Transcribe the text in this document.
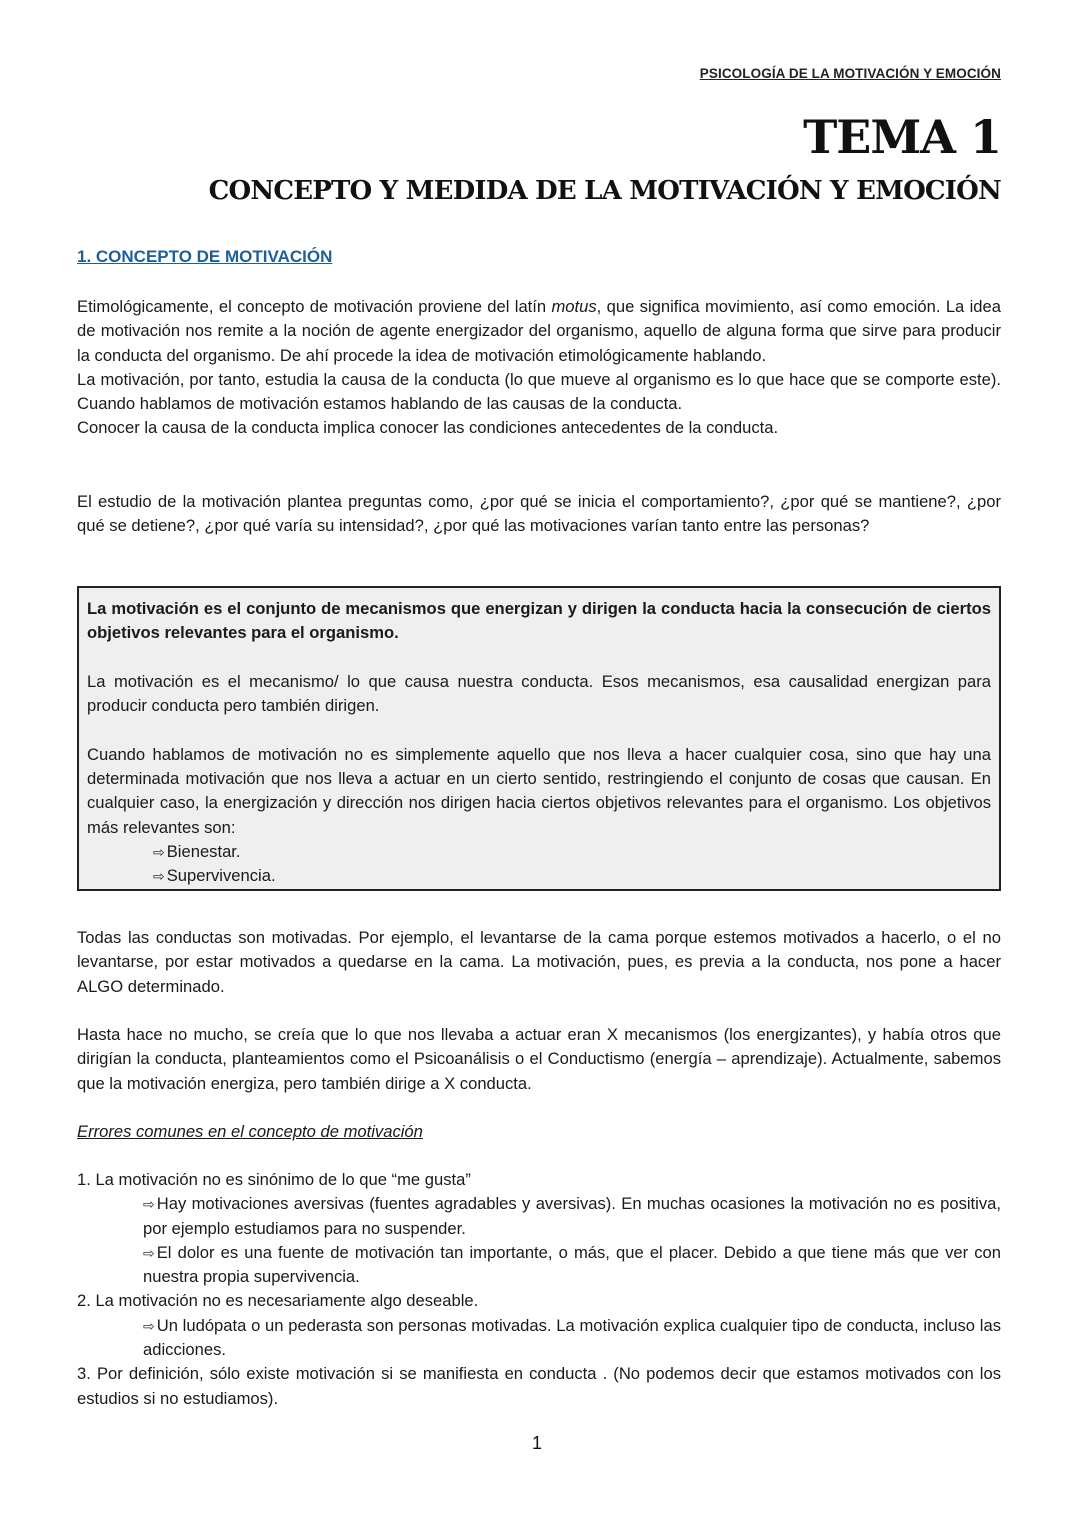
PSICOLOGÍA DE LA MOTIVACIÓN Y EMOCIÓN
TEMA 1
CONCEPTO Y MEDIDA DE LA MOTIVACIÓN Y EMOCIÓN
1. CONCEPTO DE MOTIVACIÓN

Etimológicamente, el concepto de motivación proviene del latín motus, que significa movimiento, así como emoción. La idea de motivación nos remite a la noción de agente energizador del organismo, aquello de alguna forma que sirve para producir la conducta del organismo. De ahí procede la idea de motivación etimológicamente hablando.

La motivación, por tanto, estudia la causa de la conducta (lo que mueve al organismo es lo que hace que se comporte este). Cuando hablamos de motivación estamos hablando de las causas de la conducta.

Conocer la causa de la conducta implica conocer las condiciones antecedentes de la conducta.

El estudio de la motivación plantea preguntas como, ¿por qué se inicia el comportamiento?, ¿por qué se mantiene?, ¿por qué se detiene?, ¿por qué varía su intensidad?, ¿por qué las motivaciones varían tanto entre las personas?

La motivación es el conjunto de mecanismos que energizan y dirigen la conducta hacia la consecución de ciertos objetivos relevantes para el organismo.

La motivación es el mecanismo/ lo que causa nuestra conducta. Esos mecanismos, esa causalidad energizan para producir conducta pero también dirigen.

Cuando hablamos de motivación no es simplemente aquello que nos lleva a hacer cualquier cosa, sino que hay una determinada motivación que nos lleva a actuar en un cierto sentido, restringiendo el conjunto de cosas que causan. En cualquier caso, la energización y dirección nos dirigen hacia ciertos objetivos relevantes para el organismo. Los objetivos más relevantes son:

⇨ Bienestar.
⇨ Supervivencia.
Todas las conductas son motivadas. Por ejemplo, el levantarse de la cama porque estemos motivados a hacerlo, o el no levantarse, por estar motivados a quedarse en la cama. La motivación, pues, es previa a la conducta, nos pone a hacer ALGO determinado.
Hasta hace no mucho, se creía que lo que nos llevaba a actuar eran X mecanismos (los energizantes), y había otros que dirigían la conducta, planteamientos como el Psicoanálisis o el Conductismo (energía – aprendizaje). Actualmente, sabemos que la motivación energiza, pero también dirige a X conducta.
Errores comunes en el concepto de motivación

1. La motivación no es sinónimo de lo que “me gusta”

⇨ Hay motivaciones aversivas (fuentes agradables y aversivas). En muchas ocasiones la motivación no es positiva, por ejemplo estudiamos para no suspender.

⇨ El dolor es una fuente de motivación tan importante, o más, que el placer. Debido a que tiene más que ver con nuestra propia supervivencia.

2. La motivación no es necesariamente algo deseable.

⇨ Un ludópata o un pederasta son personas motivadas. La motivación explica cualquier tipo de conducta, incluso las adicciones.

3. Por definición, sólo existe motivación si se manifiesta en conducta . (No podemos decir que estamos motivados con los estudios si no estudiamos).

1
